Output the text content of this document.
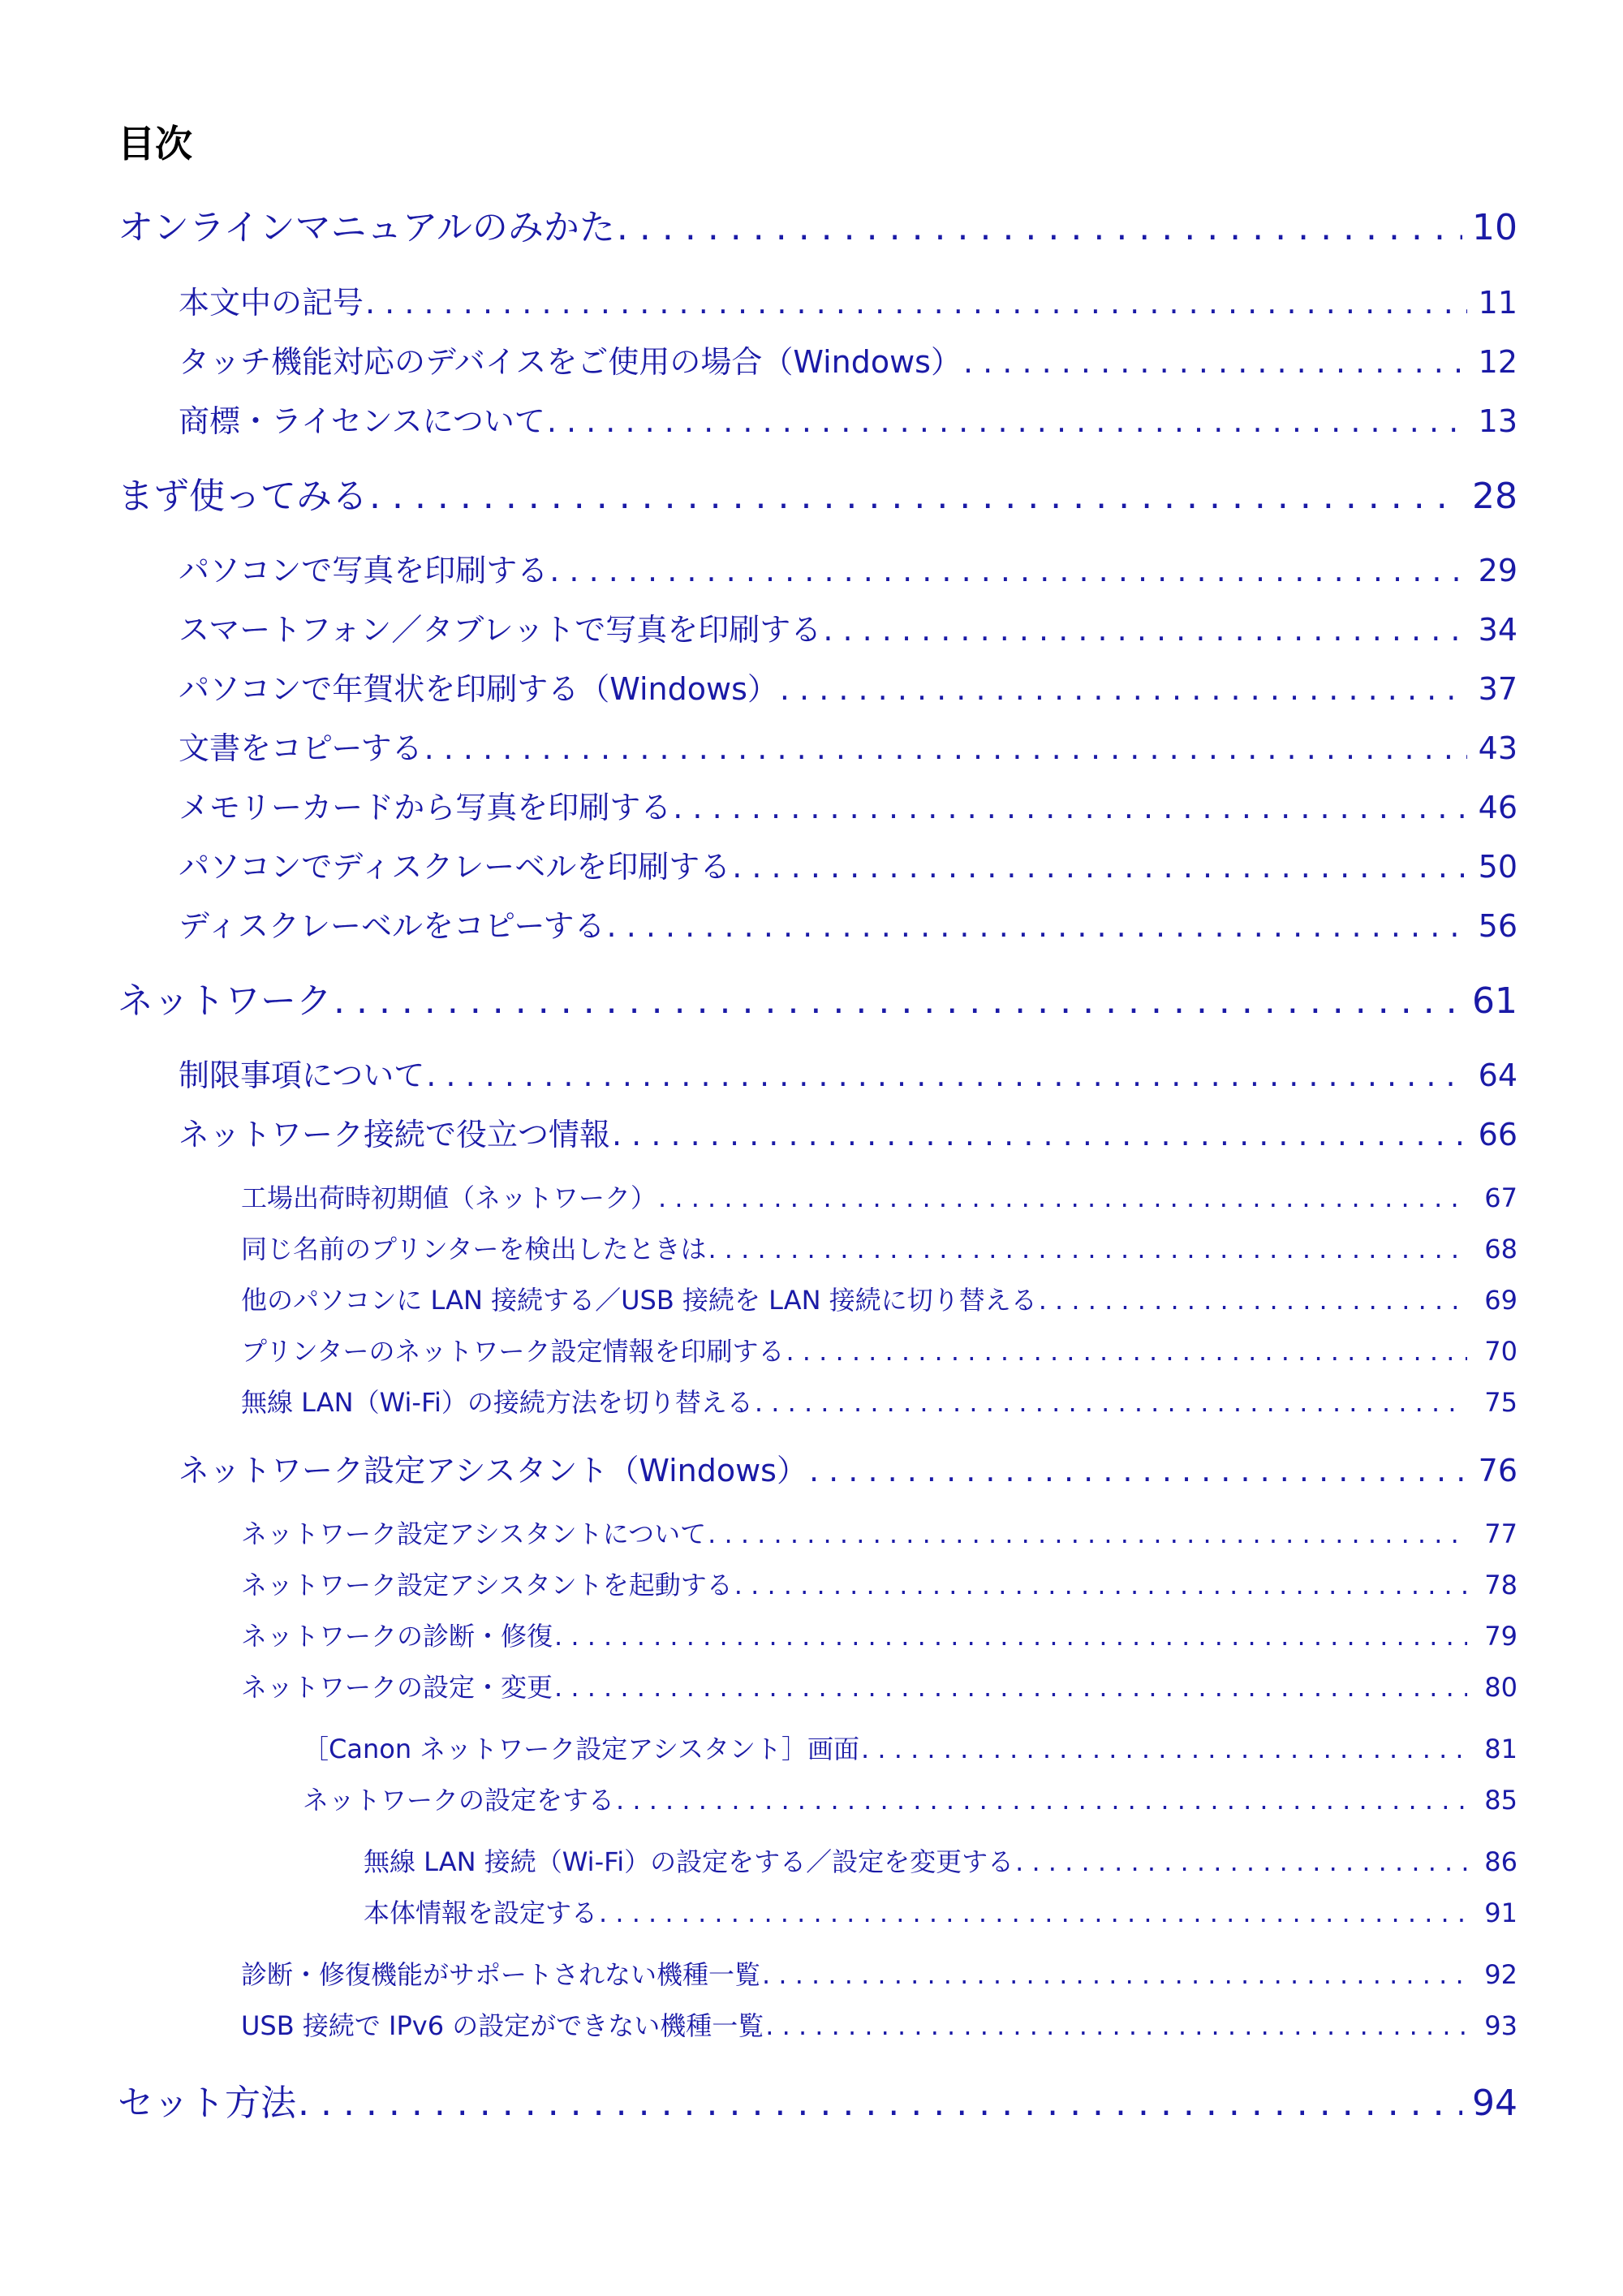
目次
オンラインマニュアルのみかた . . .	10
本文中の記号 . . .	11
タッチ機能対応のデバイスをご使用の場合（Windows） . . .	12
商標・ライセンスについて . . .	13
まず使ってみる . . .	28
パソコンで写真を印刷する . . .	29
スマートフォン／タブレットで写真を印刷する . . .	34
パソコンで年賀状を印刷する（Windows） . . .	37
文書をコピーする . . .	43
メモリーカードから写真を印刷する . . .	46
パソコンでディスクレーベルを印刷する . . .	50
ディスクレーベルをコピーする . . .	56
ネットワーク . . .	61
制限事項について . . .	64
ネットワーク接続で役立つ情報 . . .	66
工場出荷時初期値（ネットワーク） . . .	67
同じ名前のプリンターを検出したときは . . .	68
他のパソコンに LAN 接続する／USB 接続を LAN 接続に切り替える . . .	69
プリンターのネットワーク設定情報を印刷する . . .	70
無線 LAN（Wi-Fi）の接続方法を切り替える . . .	75
ネットワーク設定アシスタント（Windows） . . .	76
ネットワーク設定アシスタントについて . . .	77
ネットワーク設定アシスタントを起動する . . .	78
ネットワークの診断・修復 . . .	79
ネットワークの設定・変更 . . .	80
［Canon ネットワーク設定アシスタント］画面 . . .	81
ネットワークの設定をする . . .	85
無線 LAN 接続（Wi-Fi）の設定をする／設定を変更する . . .	86
本体情報を設定する . . .	91
診断・修復機能がサポートされない機種一覧 . . .	92
USB 接続で IPv6 の設定ができない機種一覧 . . .	93
セット方法 . . .	94
